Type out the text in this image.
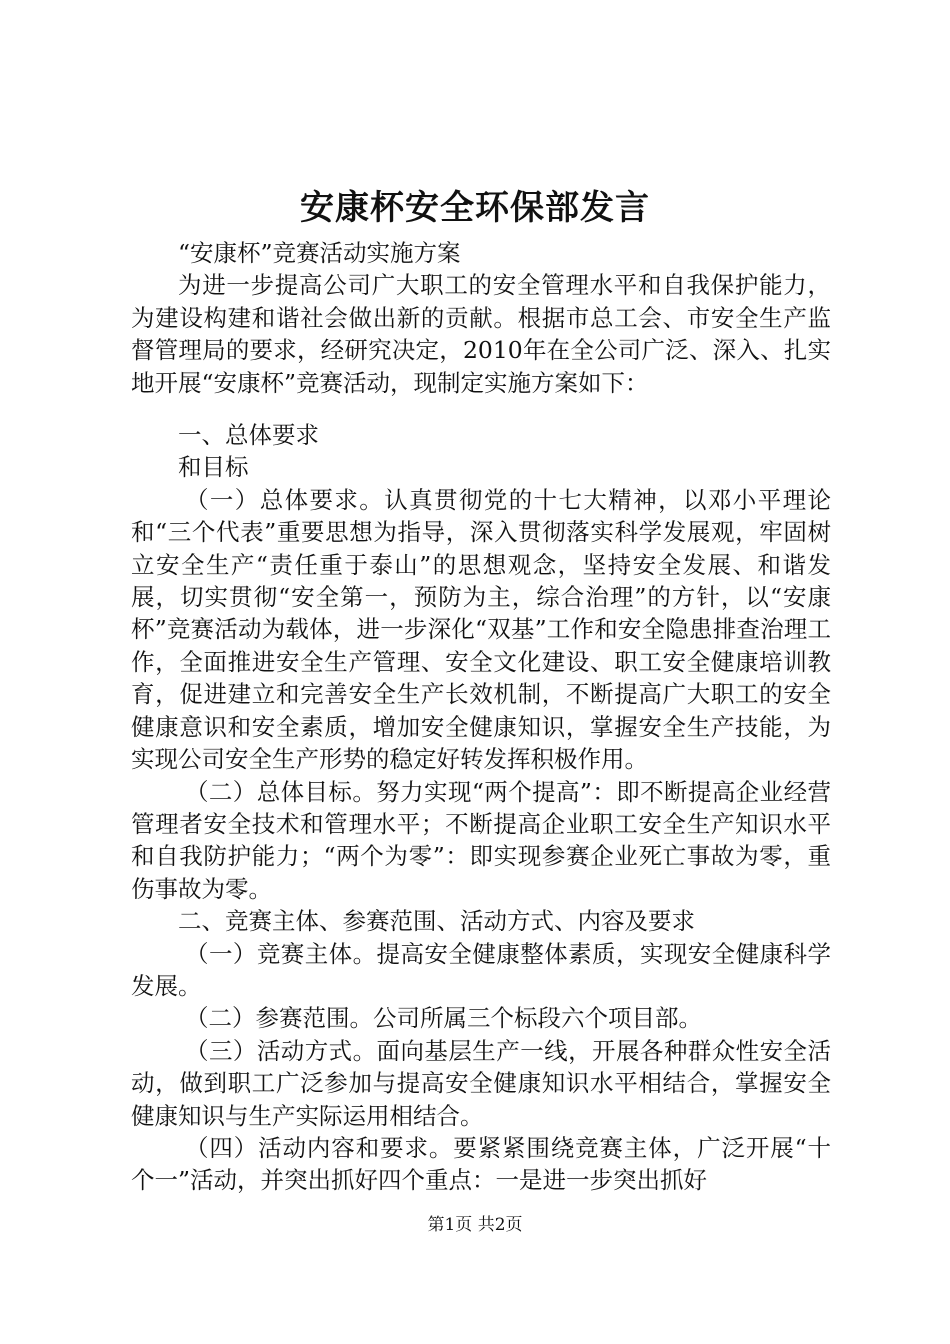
安康杯安全环保部发言

“安康杯”竞赛活动实施方案

为进一步提高公司广大职工的安全管理水平和自我保护能力，为建设构建和谐社会做出新的贡献。根据市总工会、市安全生产监督管理局的要求，经研究决定，2010年在全公司广泛、深入、扎实地开展“安康杯”竞赛活动，现制定实施方案如下：

一、总体要求

和目标

（一）总体要求。认真贯彻党的十七大精神，以邓小平理论和“三个代表”重要思想为指导，深入贯彻落实科学发展观，牢固树立安全生产“责任重于泰山”的思想观念，坚持安全发展、和谐发展，切实贯彻“安全第一，预防为主，综合治理”的方针，以“安康杯”竞赛活动为载体，进一步深化“双基”工作和安全隐患排查治理工作，全面推进安全生产管理、安全文化建设、职工安全健康培训教育，促进建立和完善安全生产长效机制，不断提高广大职工的安全健康意识和安全素质，增加安全健康知识，掌握安全生产技能，为实现公司安全生产形势的稳定好转发挥积极作用。

（二）总体目标。努力实现“两个提高”：即不断提高企业经营管理者安全技术和管理水平；不断提高企业职工安全生产知识水平和自我防护能力；“两个为零”：即实现参赛企业死亡事故为零，重伤事故为零。

二、竞赛主体、参赛范围、活动方式、内容及要求

（一）竞赛主体。提高安全健康整体素质，实现安全健康科学发展。

（二）参赛范围。公司所属三个标段六个项目部。

（三）活动方式。面向基层生产一线，开展各种群众性安全活动，做到职工广泛参加与提高安全健康知识水平相结合，掌握安全健康知识与生产实际运用相结合。

（四）活动内容和要求。要紧紧围绕竞赛主体，广泛开展“十个一”活动，并突出抓好四个重点：一是进一步突出抓好

第1页 共2页
